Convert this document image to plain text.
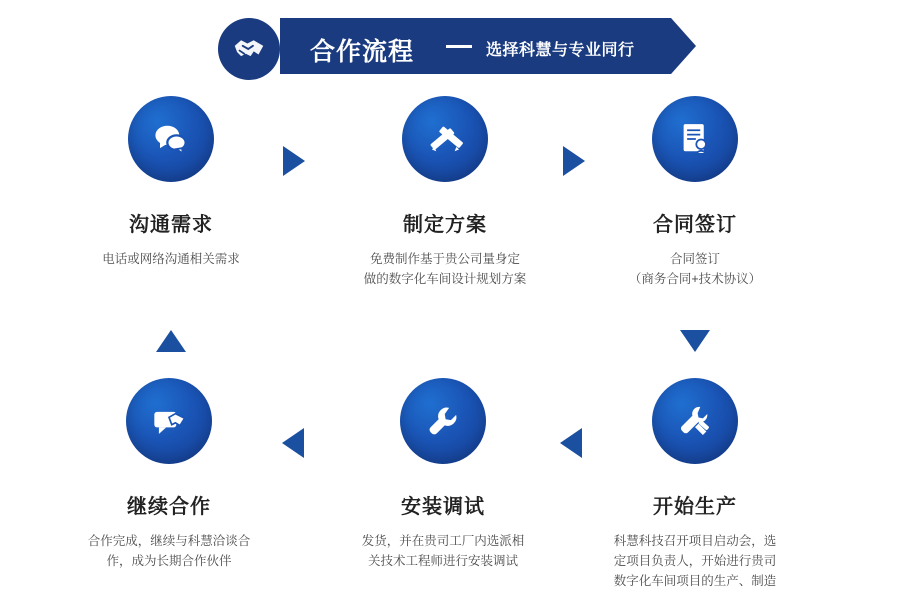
合作流程	选择科慧与专业同行
沟通需求
电话或网络沟通相关需求
制定方案
免费制作基于贵公司量身定
做的数字化车间设计规划方案
合同签订
合同签订
（商务合同+技术协议）
继续合作
合作完成，继续与科慧洽谈合
作，成为长期合作伙伴
安装调试
发货，并在贵司工厂内选派相
关技术工程师进行安装调试
开始生产
科慧科技召开项目启动会，选
定项目负责人，开始进行贵司
数字化车间项目的生产、制造
